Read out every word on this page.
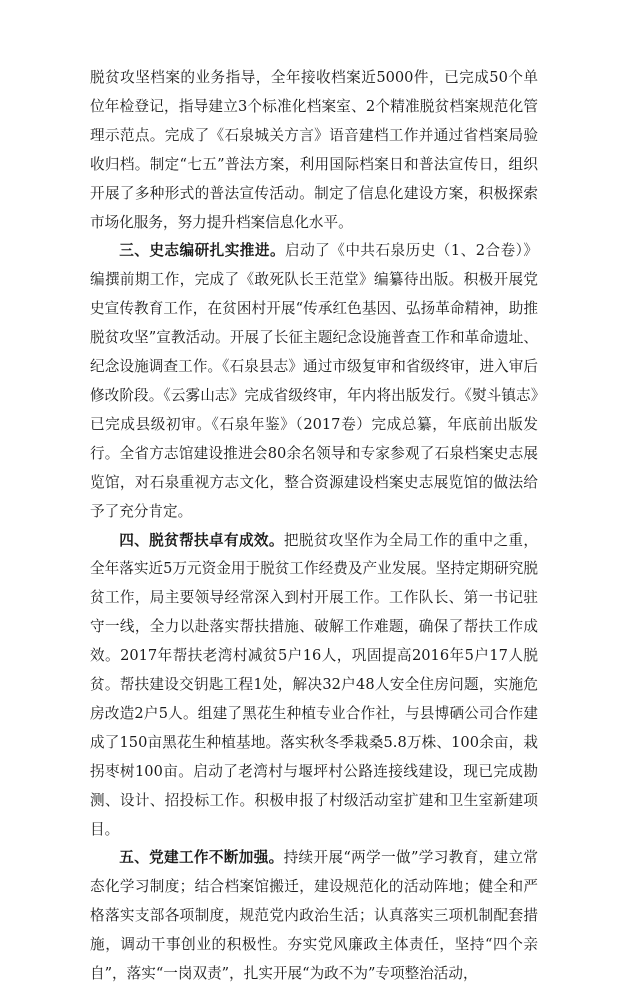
脱贫攻坚档案的业务指导，全年接收档案近5000件，已完成50个单位年检登记，指导建立3个标准化档案室、2个精准脱贫档案规范化管理示范点。完成了《石泉城关方言》语音建档工作并通过省档案局验收归档。制定“七五”普法方案，利用国际档案日和普法宣传日，组织开展了多种形式的普法宣传活动。制定了信息化建设方案，积极探索市场化服务，努力提升档案信息化水平。

三、史志编研扎实推进。启动了《中共石泉历史（1、2合卷）》编撰前期工作，完成了《敢死队长王范堂》编纂待出版。积极开展党史宣传教育工作，在贫困村开展“传承红色基因、弘扬革命精神，助推脱贫攻坚”宣教活动。开展了长征主题纪念设施普查工作和革命遗址、纪念设施调查工作。《石泉县志》通过市级复审和省级终审，进入审后修改阶段。《云雾山志》完成省级终审，年内将出版发行。《熨斗镇志》已完成县级初审。《石泉年鉴》（2017卷）完成总纂，年底前出版发行。全省方志馆建设推进会80余名领导和专家参观了石泉档案史志展览馆，对石泉重视方志文化，整合资源建设档案史志展览馆的做法给予了充分肯定。

四、脱贫帮扶卓有成效。把脱贫攻坚作为全局工作的重中之重，全年落实近5万元资金用于脱贫工作经费及产业发展。坚持定期研究脱贫工作，局主要领导经常深入到村开展工作。工作队长、第一书记驻守一线，全力以赴落实帮扶措施、破解工作难题，确保了帮扶工作成效。2017年帮扶老湾村减贫5户16人，巩固提高2016年5户17人脱贫。帮扶建设交钥匙工程1处，解决32户48人安全住房问题，实施危房改造2户5人。组建了黑花生种植专业合作社，与县博硒公司合作建成了150亩黑花生种植基地。落实秋冬季栽桑5.8万株、100余亩，栽拐枣树100亩。启动了老湾村与堰坪村公路连接线建设，现已完成勘测、设计、招投标工作。积极申报了村级活动室扩建和卫生室新建项目。

五、党建工作不断加强。持续开展“两学一做”学习教育，建立常态化学习制度；结合档案馆搬迁，建设规范化的活动阵地；健全和严格落实支部各项制度，规范党内政治生活；认真落实三项机制配套措施，调动干事创业的积极性。夯实党风廉政主体责任，坚持“四个亲自”，落实“一岗双责”，扎实开展“为政不为”专项整治活动，
